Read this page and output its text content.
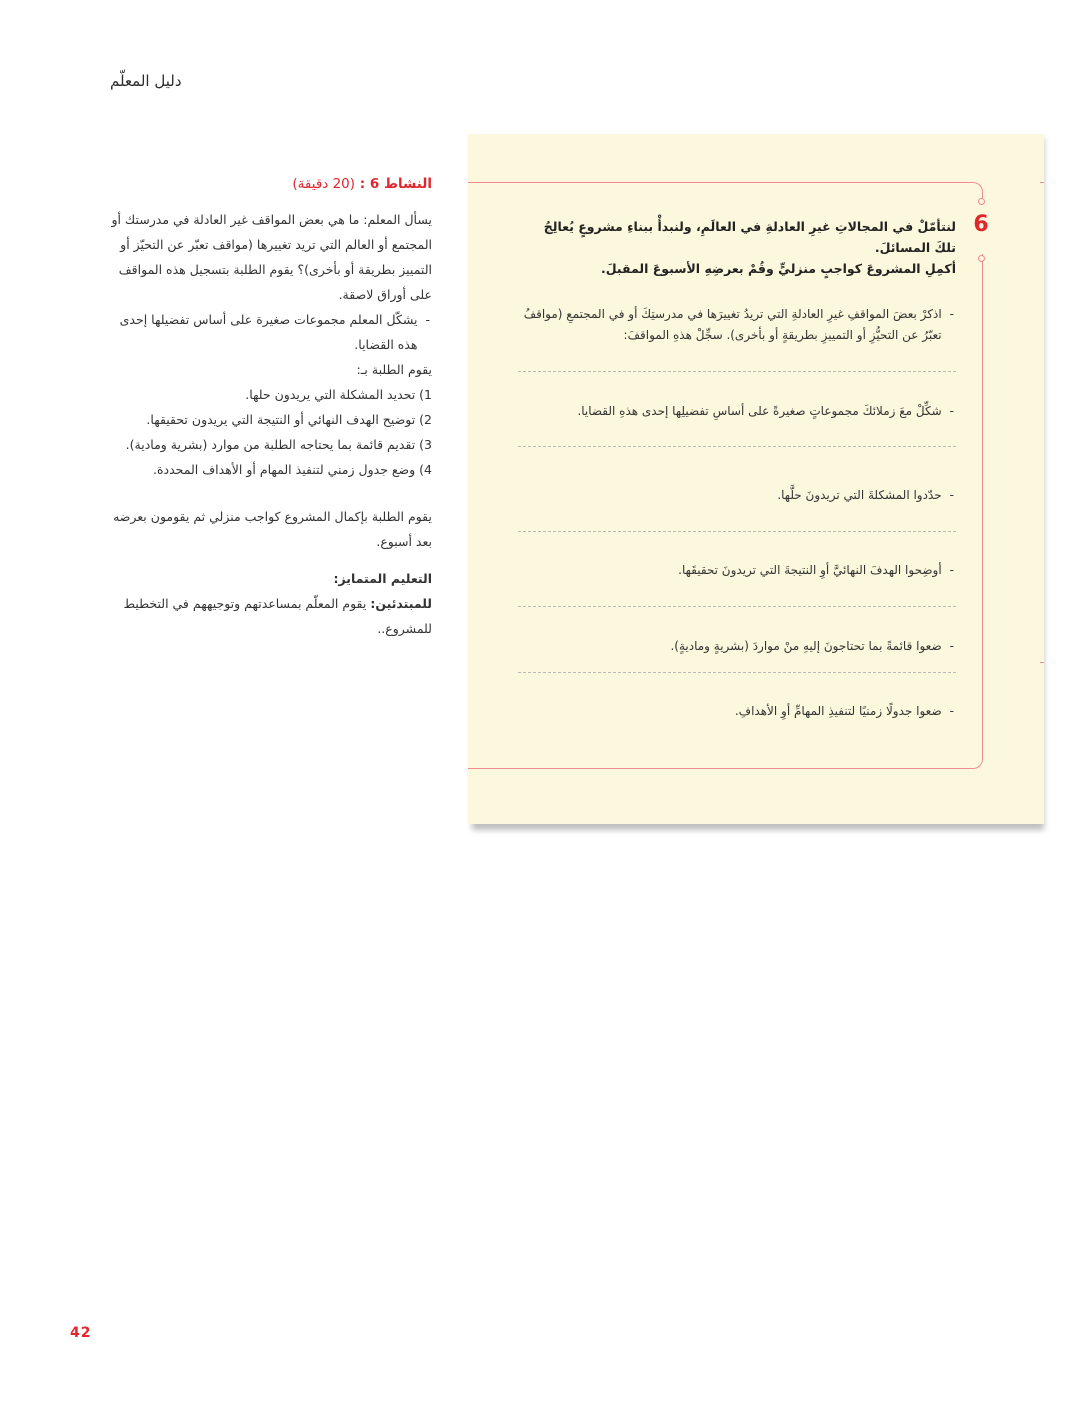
دليل المعلّم

النشاط 6 : (20 دقيقة)

يسأل المعلم: ما هي بعض المواقف غير العادلة في مدرستك أو المجتمع أو العالم التي تريد تغييرها (مواقف تعبّر عن التحيّز أو التمييز بطريقة أو بأخرى)؟ يقوم الطلبة بتسجيل هذه المواقف على أوراق لاصقة.

-
يشكّل المعلم مجموعات صغيرة على أساس تفضيلها إحدى هذه القضايا.

يقوم الطلبة بـ:

1) تحديد المشكلة التي يريدون حلها.

2) توضيح الهدف النهائي أو النتيجة التي يريدون تحقيقها.

3) تقديم قائمة بما يحتاجه الطلبة من موارد (بشرية ومادية).

4) وضع جدول زمني لتنفيذ المهام أو الأهداف المحددة.

يقوم الطلبة بإكمال المشروع كواجب منزلي ثم يقومون بعرضه بعد أسبوع.

التعليم المتمايز:

للمبتدئين: يقوم المعلّم بمساعدتهم وتوجيههم في التخطيط للمشروع..

6

لنتأمّلْ في المجالاتِ غيرِ العادلةِ في العالَمِ، ولنبدأْ ببناءِ مشروعٍ يُعالِجُ تلكَ المسائلَ.

أكمِلِ المشروعَ كواجبٍ منزليٍّ وقُمْ بعرضِهِ الأسبوعَ المقبلَ.

-
اذكرْ بعضَ المواقفِ غيرِ العادلةِ التي تريدُ تغييرَها في مدرستِكَ أو في المجتمعِ (مواقفُ تعبّرُ عن التحيُّزِ أو التمييزِ بطريقةٍ أو بأخرى). سجِّلْ هذهِ المواقفَ:
-
شكِّلْ معَ زملائكَ مجموعاتٍ صغيرةً على أساسِ تفضيلِها إحدى هذهِ القضايا.
-
حدّدوا المشكلةَ التي تريدونَ حلَّها.
-
أوضِحوا الهدفَ النهائيَّ أوِ النتيجةَ التي تريدونَ تحقيقَها.
-
ضعوا قائمةً بما تحتاجونَ إليهِ منْ مواردَ (بشريةٍ وماديةٍ).
-
ضعوا جدولًا زمنيًا لتنفيذِ المهامِّ أوِ الأهدافِ.
42
